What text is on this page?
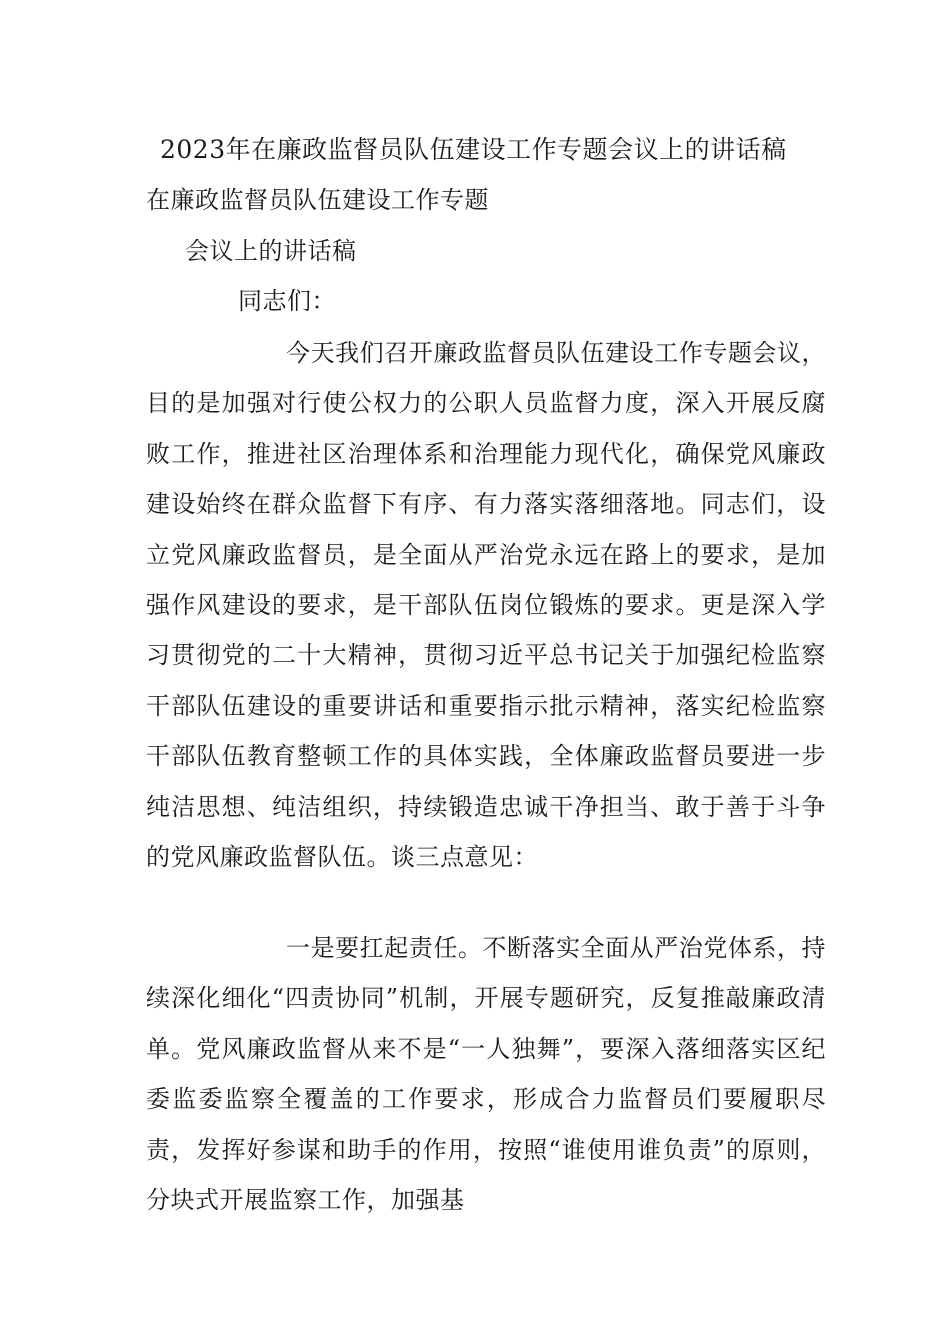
2023年在廉政监督员队伍建设工作专题会议上的讲话稿
在廉政监督员队伍建设工作专题
会议上的讲话稿
同志们：

今天我们召开廉政监督员队伍建设工作专题会议，目的是加强对行使公权力的公职人员监督力度，深入开展反腐败工作，推进社区治理体系和治理能力现代化，确保党风廉政建设始终在群众监督下有序、有力落实落细落地。同志们，设立党风廉政监督员，是全面从严治党永远在路上的要求，是加强作风建设的要求，是干部队伍岗位锻炼的要求。更是深入学习贯彻党的二十大精神，贯彻习近平总书记关于加强纪检监察干部队伍建设的重要讲话和重要指示批示精神，落实纪检监察干部队伍教育整顿工作的具体实践，全体廉政监督员要进一步纯洁思想、纯洁组织，持续锻造忠诚干净担当、敢于善于斗争的党风廉政监督队伍。谈三点意见：

一是要扛起责任。不断落实全面从严治党体系，持续深化细化“四责协同”机制，开展专题研究，反复推敲廉政清单。党风廉政监督从来不是“一人独舞”，要深入落细落实区纪委监委监察全覆盖的工作要求，形成合力监督员们要履职尽责，发挥好参谋和助手的作用，按照“谁使用谁负责”的原则，分块式开展监察工作，加强基
